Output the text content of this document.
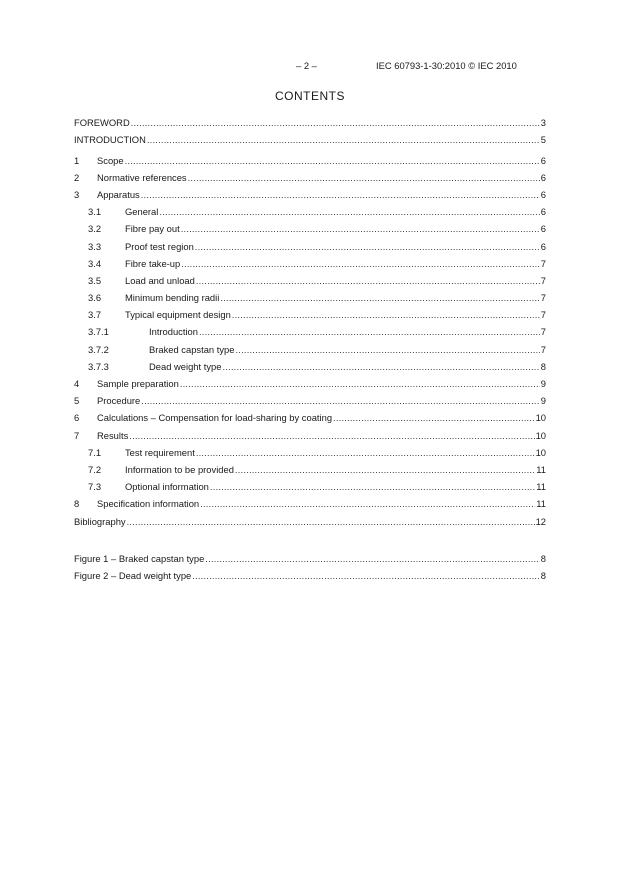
– 2 –	IEC 60793-1-30:2010 © IEC 2010
CONTENTS
FOREWORD .....	3
INTRODUCTION .....	5
1	Scope .....	6
2	Normative references .....	6
3	Apparatus .....	6
3.1	General .....	6
3.2	Fibre pay out .....	6
3.3	Proof test region .....	6
3.4	Fibre take-up .....	7
3.5	Load and unload .....	7
3.6	Minimum bending radii .....	7
3.7	Typical equipment design .....	7
3.7.1	Introduction .....	7
3.7.2	Braked capstan type .....	7
3.7.3	Dead weight type .....	8
4	Sample preparation .....	9
5	Procedure .....	9
6	Calculations – Compensation for load-sharing by coating .....	10
7	Results .....	10
7.1	Test requirement .....	10
7.2	Information to be provided .....	11
7.3	Optional information .....	11
8	Specification information .....	11
Bibliography .....	12
Figure 1 – Braked capstan type .....	8
Figure 2 – Dead weight type .....	8
